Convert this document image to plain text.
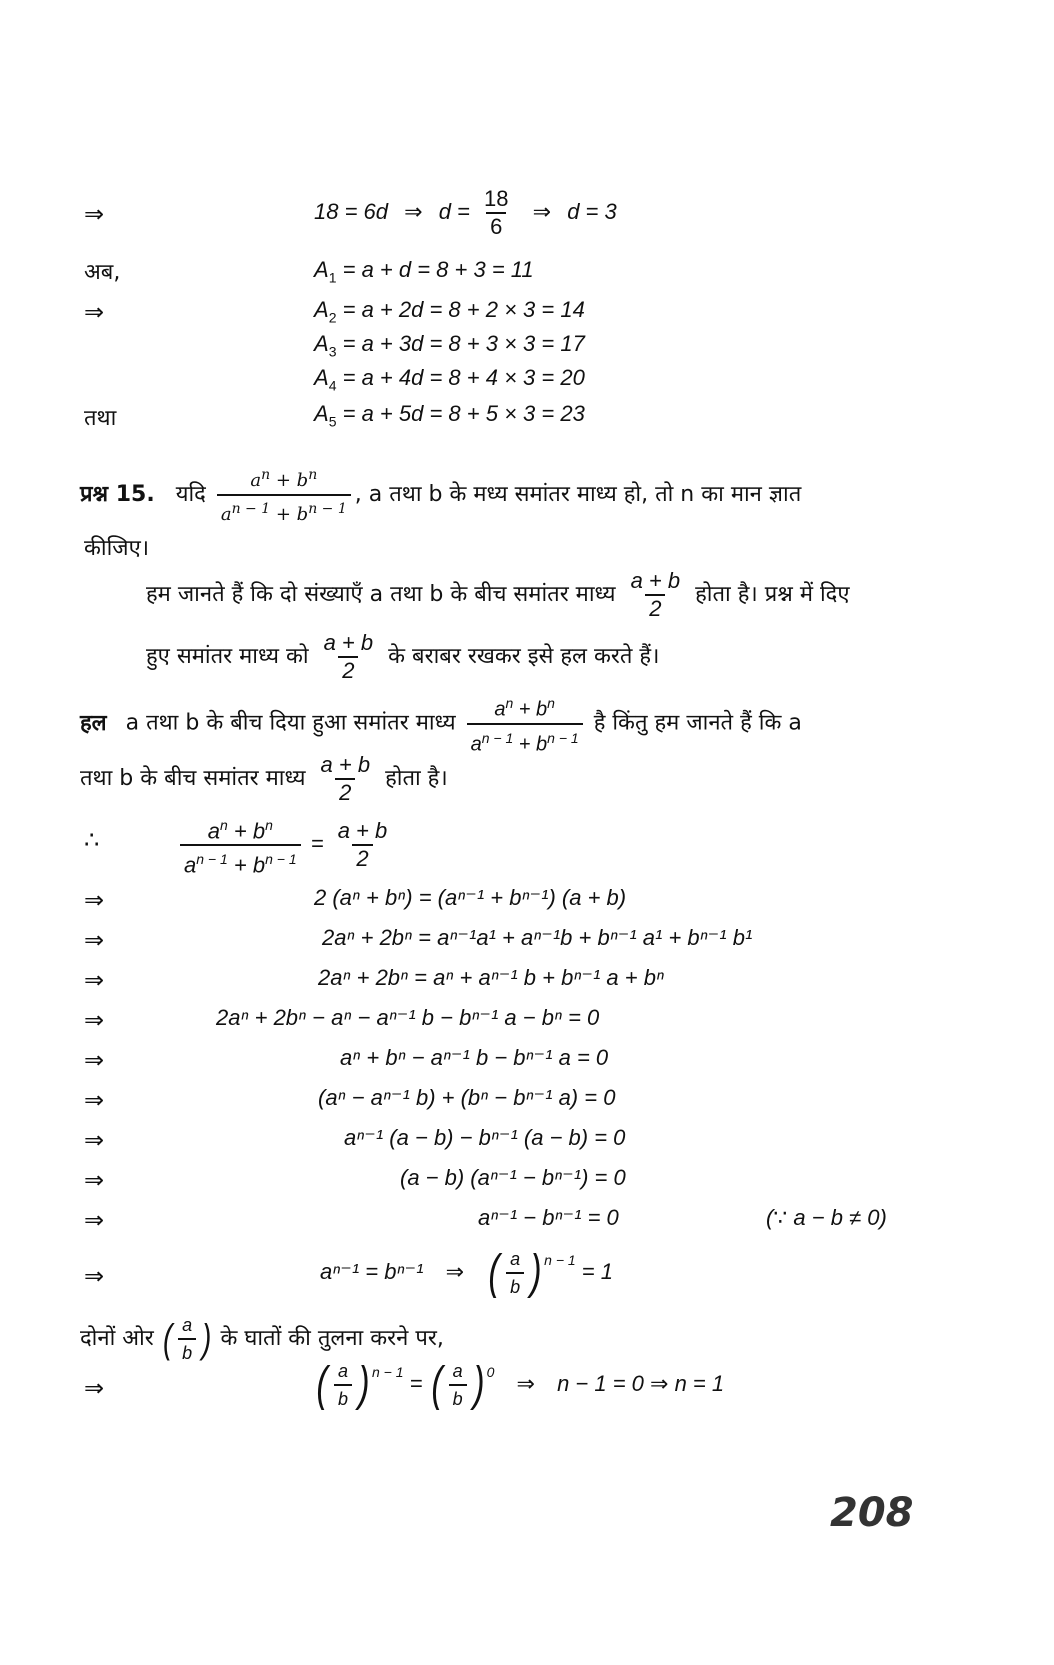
⇒	18 = 6d ⇒ $d = \frac{18}{6}$ ⇒ d = 3
अब,	$A_1 = a + d = 8 + 3 = 11$
⇒	$A_2 = a + 2d = 8 + 2 \times 3 = 14$
$A_3 = a + 3d = 8 + 3 \times 3 = 17$
$A_4 = a + 4d = 8 + 4 \times 3 = 20$
तथा	$A_5 = a + 5d = 8 + 5 \times 3 = 23$
प्रश्न 15. यदि $\frac{a^n + b^n}{a^{n - 1} + b^{n - 1}}$ , a तथा b के मध्य समांतर माध्य हो, तो n का मान ज्ञात
कीजिए।
हम जानते हैं कि दो संख्याएँ a तथा b के बीच समांतर माध्य $\frac{a + b}{2}$ होता है। प्रश्न में दिए
हुए समांतर माध्य को $\frac{a + b}{2}$ के बराबर रखकर इसे हल करते हैं।
हल a तथा b के बीच दिया हुआ समांतर माध्य $\frac{a^n + b^n}{a^{n - 1} + b^{n - 1}}$ है किंतु हम जानते हैं कि a
तथा b के बीच समांतर माध्य $\frac{a + b}{2}$ होता है।
∴	$\frac{a^n + b^n}{a^{n - 1} + b^{n - 1}} = \frac{a + b}{2}$
⇒	2 (aⁿ + bⁿ) = (aⁿ⁻¹ + bⁿ⁻¹) (a + b)
⇒	2aⁿ + 2bⁿ = aⁿ⁻¹a¹ + aⁿ⁻¹b + bⁿ⁻¹ a¹ + bⁿ⁻¹ b¹
⇒	2aⁿ + 2bⁿ = aⁿ + aⁿ⁻¹ b + bⁿ⁻¹ a + bⁿ
⇒	2aⁿ + 2bⁿ − aⁿ − aⁿ⁻¹ b − bⁿ⁻¹ a − bⁿ = 0
⇒	aⁿ + bⁿ − aⁿ⁻¹ b − bⁿ⁻¹ a = 0
⇒	(aⁿ − aⁿ⁻¹ b) + (bⁿ − bⁿ⁻¹ a) = 0
⇒	aⁿ⁻¹ (a − b) − bⁿ⁻¹ (a − b) = 0
⇒	(a − b) (aⁿ⁻¹ − bⁿ⁻¹) = 0
⇒	aⁿ⁻¹ − bⁿ⁻¹ = 0	(∵ a − b ≠ 0)
⇒	aⁿ⁻¹ = bⁿ⁻¹ ⇒ ( $\frac{a}{b} )^{n - 1} = 1$
दोनों ओर ( $\frac{a}{b}$ ) के घातों की तुलना करने पर,
⇒	( $\frac{a}{b} )^{n - 1}$ = ( $\frac{a}{b} )^0$ ⇒ n − 1 = 0 ⇒ n = 1
208
